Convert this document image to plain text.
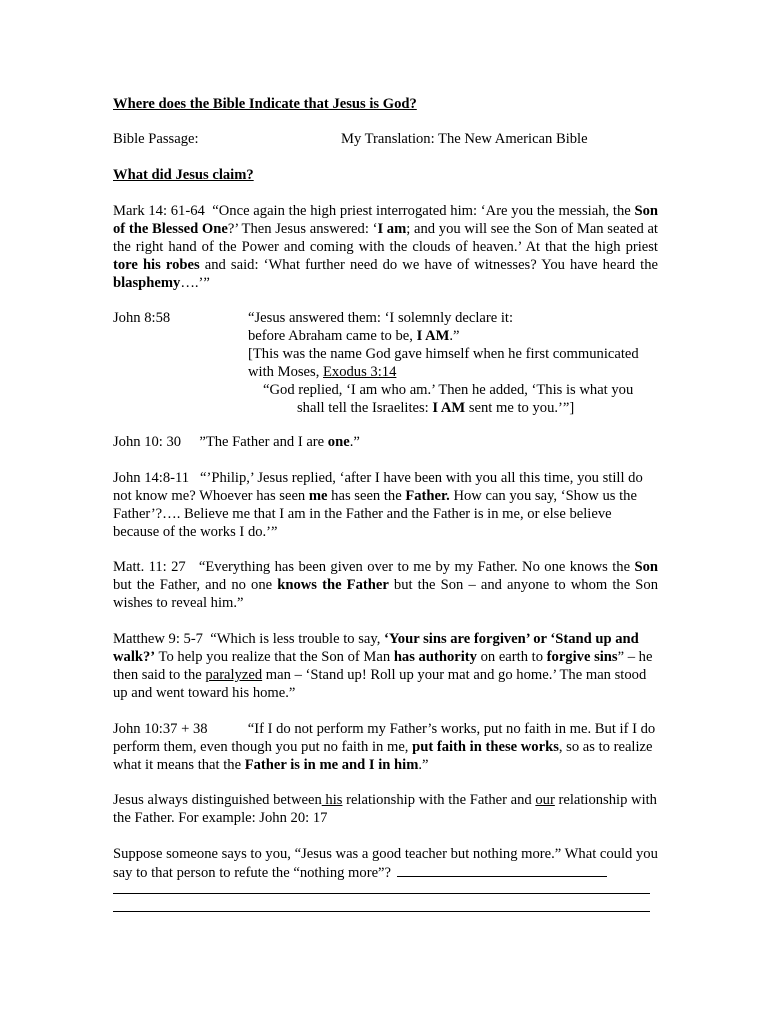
Where does the Bible Indicate that Jesus is God?
Bible Passage:	My Translation: The New American Bible
What did Jesus claim?
Mark 14: 61-64 “Once again the high priest interrogated him: ‘Are you the messiah, the Son of the Blessed One?’ Then Jesus answered: ‘I am; and you will see the Son of Man seated at the right hand of the Power and coming with the clouds of heaven.’ At that the high priest tore his robes and said: ‘What further need do we have of witnesses? You have heard the blasphemy….’”
John 8:58	“Jesus answered them: ‘I solemnly declare it:
before Abraham came to be, I AM.”
[This was the name God gave himself when he first communicated
with Moses, Exodus 3:14
“God replied, ‘I am who am.’ Then he added, ‘This is what you
shall tell the Israelites: I AM sent me to you.’”]
John 10: 30 ”The Father and I are one.”
John 14:8-11 “’Philip,’ Jesus replied, ‘after I have been with you all this time, you still do not know me? Whoever has seen me has seen the Father. How can you say, ‘Show us the Father’?…. Believe me that I am in the Father and the Father is in me, or else believe because of the works I do.’”
Matt. 11: 27 “Everything has been given over to me by my Father. No one knows the Son but the Father, and no one knows the Father but the Son – and anyone to whom the Son wishes to reveal him.”
Matthew 9: 5-7 “Which is less trouble to say, ‘Your sins are forgiven’ or ‘Stand up and walk?’ To help you realize that the Son of Man has authority on earth to forgive sins” – he then said to the paralyzed man – ‘Stand up! Roll up your mat and go home.’ The man stood up and went toward his home.”
John 10:37 + 38	“If I do not perform my Father’s works, put no faith in me. But if I do perform them, even though you put no faith in me, put faith in these works, so as to realize what it means that the Father is in me and I in him.”
Jesus always distinguished between his relationship with the Father and our relationship with the Father. For example: John 20: 17
Suppose someone says to you, “Jesus was a good teacher but nothing more.” What could you say to that person to refute the “nothing more”?
